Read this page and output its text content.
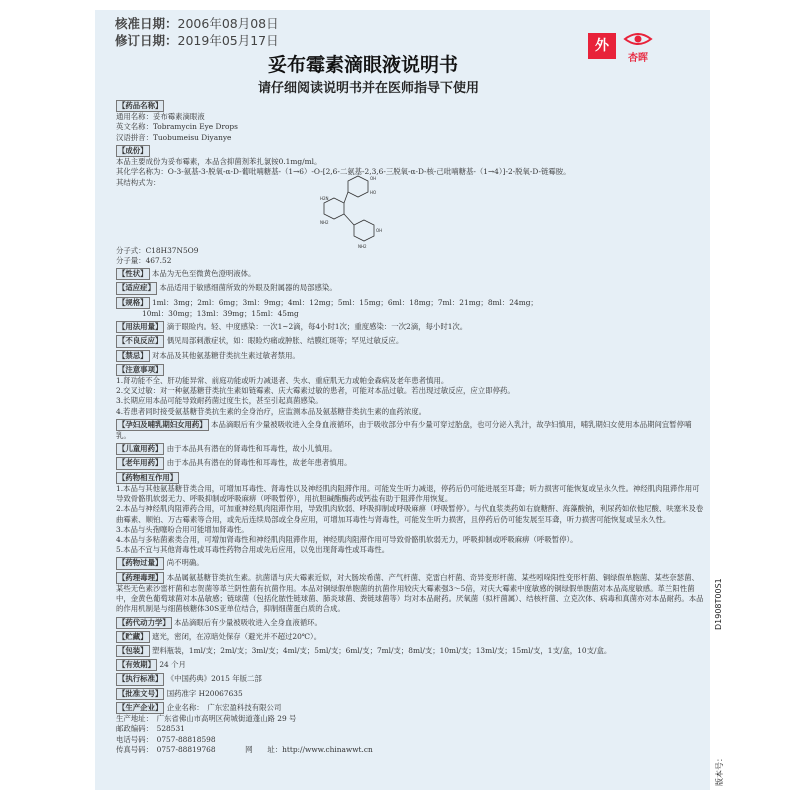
核准日期：2006年08月08日
修订日期：2019年05月17日	外
杏晖
妥布霉素滴眼液说明书
请仔细阅读说明书并在医师指导下使用
OH
HO
H2N
NH2
OH
NH2
【药品名称】
通用名称：妥布霉素滴眼液
英文名称：Tobramycin Eye Drops
汉语拼音：Tuobumeisu Diyanye
【成份】
本品主要成份为妥布霉素，本品含抑菌剂苯扎氯铵0.1mg/ml。
其化学名称为：O-3-氨基-3-脱氧-α-D-葡吡喃糖基-（1→6）-O-[2,6-二氨基-2,3,6-三脱氧-α-D-核-己吡喃糖基-（1→4）]-2-脱氧-D-链霉胺。
其结构式为：
分子式：C18H37N5O9
分子量：467.52
【性状】 本品为无色至微黄色澄明液体。
【适应症】 本品适用于敏感细菌所致的外眼及附属器的局部感染。
【规格】 1ml：3mg；2ml：6mg；3ml：9mg；4ml：12mg；5ml：15mg；6ml：18mg；7ml：21mg；8ml：24mg；
10ml：30mg；13ml：39mg；15ml：45mg
【用法用量】 滴于眼睑内。轻、中度感染：一次1~2滴，每4小时1次；重度感染：一次2滴，每小时1次。
【不良反应】 偶见局部刺激症状，如：眼睑灼痛或肿胀、结膜红斑等；罕见过敏反应。
【禁忌】 对本品及其他氨基糖苷类抗生素过敏者禁用。
【注意事项】
1.肾功能不全、肝功能异常、前庭功能或听力减退者、失水、重症肌无力或帕金森病及老年患者慎用。
2.交叉过敏：对一种氨基糖苷类抗生素如链霉素、庆大霉素过敏的患者，可能对本品过敏。若出现过敏反应，应立即停药。
3.长期应用本品可能导致耐药菌过度生长，甚至引起真菌感染。
4.若患者同时接受氨基糖苷类抗生素的全身治疗，应监测本品及氨基糖苷类抗生素的血药浓度。
【孕妇及哺乳期妇女用药】 本品滴眼后有少量被吸收进入全身血液循环，由于吸收部分中有少量可穿过胎盘，也可分泌入乳汁，故孕妇慎用，哺乳期妇女使用本品期间宜暂停哺乳。
【儿童用药】 由于本品具有潜在的肾毒性和耳毒性，故小儿慎用。
【老年用药】 由于本品具有潜在的肾毒性和耳毒性，故老年患者慎用。
【药物相互作用】
1.本品与其他氨基糖苷类合用，可增加耳毒性、肾毒性以及神经肌肉阻滞作用。可能发生听力减退，停药后仍可能进展至耳聋；听力损害可能恢复或呈永久性。神经肌肉阻滞作用可导致骨骼肌软弱无力、呼吸抑制或呼吸麻痹（呼吸暂停），用抗胆碱酯酶药或钙盐有助于阻滞作用恢复。
2.本品与神经肌肉阻滞药合用，可加重神经肌肉阻滞作用，导致肌肉软弱、呼吸抑制或呼吸麻痹（呼吸暂停）。与代血浆类药如右旋糖酐、海藻酸钠，利尿药如依他尼酸、呋塞米及卷曲霉素、顺铂、万古霉素等合用，或先后连续局部或全身应用，可增加耳毒性与肾毒性，可能发生听力损害，且停药后仍可能发展至耳聋，听力损害可能恢复或呈永久性。
3.本品与头孢噻吩合用可能增加肾毒性。
4.本品与多粘菌素类合用，可增加肾毒性和神经肌肉阻滞作用，神经肌肉阻滞作用可导致骨骼肌软弱无力，呼吸抑制或呼吸麻痹（呼吸暂停）。
5.本品不宜与其他肾毒性或耳毒性药物合用或先后应用，以免出现肾毒性或耳毒性。
【药物过量】 尚不明确。
【药理毒理】 本品属氨基糖苷类抗生素。抗菌谱与庆大霉素近似，对大肠埃希菌、产气杆菌、克雷白杆菌、奇异变形杆菌、某些吲哚阳性变形杆菌、铜绿假单胞菌、某些奈瑟菌、某些无色素沙雷杆菌和志贺菌等革兰阴性菌有抗菌作用。本品对铜绿假单胞菌的抗菌作用较庆大霉素强3～5倍，对庆大霉素中度敏感的铜绿假单胞菌对本品高度敏感。革兰阳性菌中，金黄色葡萄球菌对本品敏感；链球菌（包括化脓性链球菌、肺炎球菌、粪链球菌等）均对本品耐药。厌氧菌（拟杆菌属）、结核杆菌、立克次体、病毒和真菌亦对本品耐药。本品的作用机制是与细菌核糖体30S亚单位结合，抑制细菌蛋白质的合成。
【药代动力学】 本品滴眼后有少量被吸收进入全身血液循环。
【贮藏】 遮光，密闭，在凉暗处保存（避光并不超过20℃）。
【包装】 塑料瓶装，1ml/支；2ml/支；3ml/支；4ml/支；5ml/支；6ml/支；7ml/支；8ml/支；10ml/支；13ml/支；15ml/支，1支/盒，10支/盒。
【有效期】 24 个月
【执行标准】 《中国药典》2015 年版二部
【批准文号】 国药准字 H20067635
【生产企业】 企业名称：　广东宏盈科技有限公司
生产地址：　广东省佛山市高明区荷城街道蓬山路 29 号
邮政编码：　528531
电话号码：　0757-88818598
传真号码：　0757-88819768　　　　	网　　址：http://www.chinawwt.cn
D1908T00S1
版本号：
